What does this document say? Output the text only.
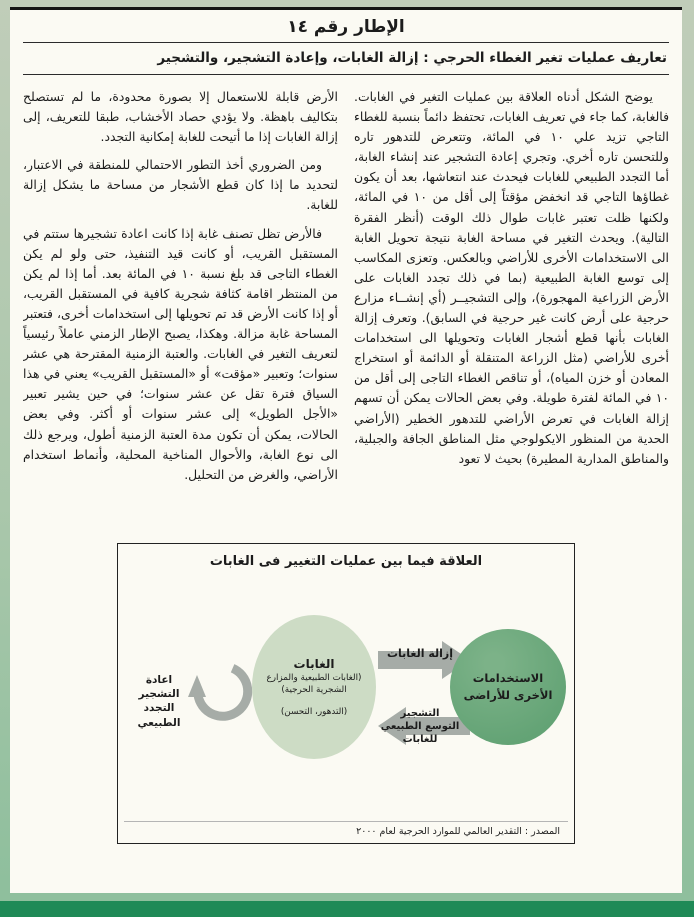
الإطار رقم ١٤
تعاريف عمليات تغير الغطاء الحرجي : إزالة الغابات، وإعادة التشجير، والتشجير

يوضح الشكل أدناه العلاقة بين عمليات التغير في الغابات. فالغابة، كما جاء في تعريف الغابات، تحتفظ دائماً بنسبة للغطاء التاجي تزيد علي ١٠ في المائة، وتتعرض للتدهور تاره وللتحسن تاره أخري. وتجري إعادة التشجير عند إنشاء الغابة، أما التجدد الطبيعي للغابات فيحدث عند انتعاشها، بعد أن يكون غطاؤها التاجي قد انخفض مؤقتاً إلى أقل من ١٠ في المائة، ولكنها ظلت تعتبر غابات طوال ذلك الوقت (أنظر الفقرة التالية). ويحدث التغير في مساحة الغابة نتيجة تحويل الغابة الى الاستخدامات الأخرى للأراضي وبالعكس. وتعزى المكاسب إلى توسع الغابة الطبيعية (بما في ذلك تجدد الغابات على الأرض الزراعية المهجورة)، وإلى التشجيــر (أي إنشــاء مزارع حرجية على أرض كانت غير حرجية في السابق). وتعرف إزالة الغابات بأنها قطع أشجار الغابات وتحويلها الى استخدامات أخرى للأراضي (مثل الزراعة المتنقلة أو الدائمة أو استخراج المعادن أو خزن المياه)، أو تناقص الغطاء التاجى إلى أقل من ١٠ في المائة لفترة طويلة. وفي بعض الحالات يمكن أن تسهم إزالة الغابات في تعرض الأراضي للتدهور الخطير (الأراضي الحدية من المنظور الايكولوجي مثل المناطق الجافة والجبلية، والمناطق المدارية المطيرة) بحيث لا تعود

الأرض قابلة للاستعمال إلا بصورة محدودة، ما لم تستصلح بتكاليف باهظة. ولا يؤدي حصاد الأخشاب، طبقا للتعريف، إلى إزالة الغابات إذا ما أتيحت للغابة إمكانية التجدد.

ومن الضروري أخذ التطور الاحتمالي للمنطقة في الاعتبار، لتحديد ما إذا كان قطع الأشجار من مساحة ما يشكل إزالة للغابة.

فالأرض تظل تصنف غابة إذا كانت اعادة تشجيرها ستتم في المستقبل القريب، أو كانت قيد التنفيذ، حتى ولو لم يكن الغطاء التاجى قد بلغ نسبة ١٠ في المائة بعد. أما إذا لم يكن من المنتظر اقامة كثافة شجرية كافية في المستقبل القريب، أو إذا كانت الأرض قد تم تحويلها إلى استخدامات أخرى، فتعتبر المساحة غابة مزالة. وهكذا، يصبح الإطار الزمني عاملاً رئيسياً لتعريف التغير في الغابات. والعتبة الزمنية المقترحة هي عشر سنوات؛ وتعبير «مؤقت» أو «المستقبل القريب» يعني في هذا السياق فترة تقل عن عشر سنوات؛ في حين يشير تعبير «الأجل الطويل» إلى عشر سنوات أو أكثر. وفي بعض الحالات، يمكن أن تكون مدة العتبة الزمنية أطول، ويرجع ذلك الى نوع الغابة، والأحوال المناخية المحلية، وأنماط استخدام الأراضي، والغرض من التحليل.

العلاقة فيما بين عمليات التغيير فى الغابات
اعادة التشجير
التجدد الطبيعي
الغابات
(الغابات الطبيعية والمزارع الشجرية الحرجية)
(التدهور، التحسن)
الاستخدامات الأخرى للأراضى
إزالة الغابات
التشجير
التوسع الطبيعي للغابات
المصدر : التقدير العالمي للموارد الحرجية لعام ٢٠٠٠
